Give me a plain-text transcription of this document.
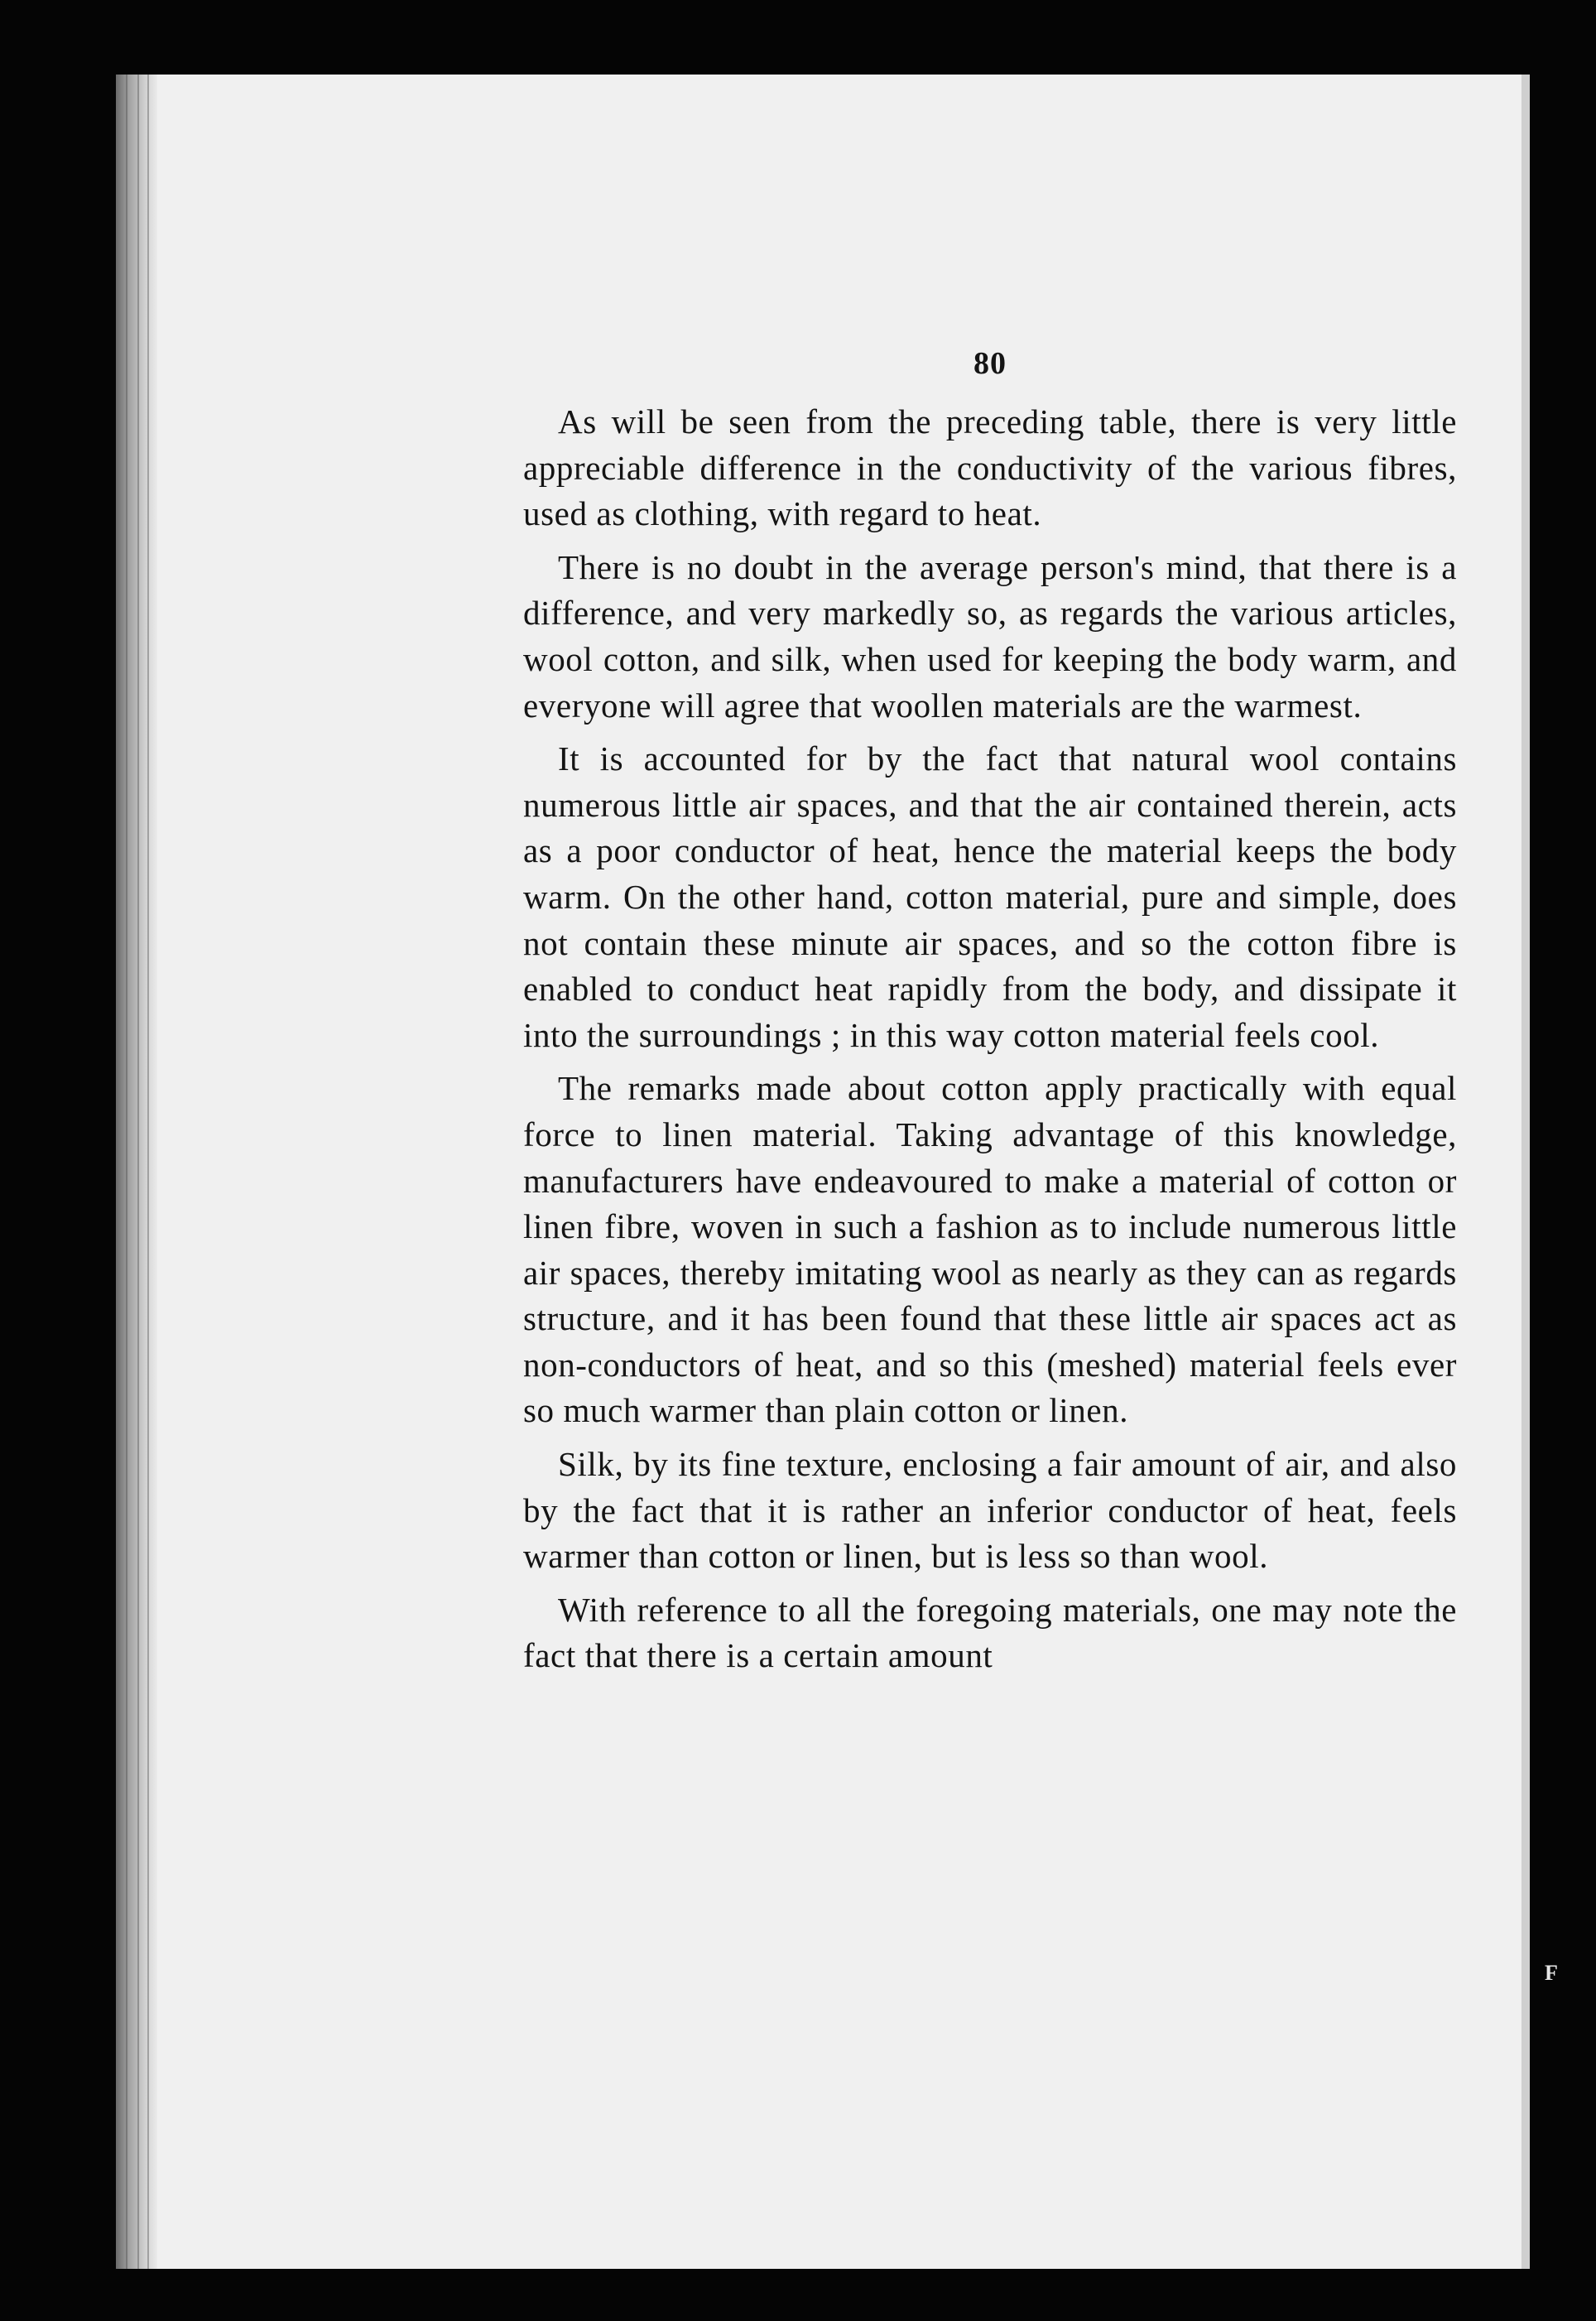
80

As will be seen from the preceding table, there is very little appreciable difference in the conductivity of the various fibres, used as clothing, with regard to heat.

There is no doubt in the average person's mind, that there is a difference, and very markedly so, as regards the various articles, wool cotton, and silk, when used for keeping the body warm, and everyone will agree that woollen materials are the warmest.

It is accounted for by the fact that natural wool contains numerous little air spaces, and that the air contained therein, acts as a poor conductor of heat, hence the material keeps the body warm. On the other hand, cotton material, pure and simple, does not contain these minute air spaces, and so the cotton fibre is enabled to conduct heat rapidly from the body, and dissipate it into the surroundings ; in this way cotton material feels cool.

The remarks made about cotton apply practically with equal force to linen material. Taking advantage of this knowledge, manufacturers have endeavoured to make a material of cotton or linen fibre, woven in such a fashion as to include numerous little air spaces, thereby imitating wool as nearly as they can as regards structure, and it has been found that these little air spaces act as non-conductors of heat, and so this (meshed) material feels ever so much warmer than plain cotton or linen.

Silk, by its fine texture, enclosing a fair amount of air, and also by the fact that it is rather an inferior conductor of heat, feels warmer than cotton or linen, but is less so than wool.

With reference to all the foregoing materials, one may note the fact that there is a certain amount

F
